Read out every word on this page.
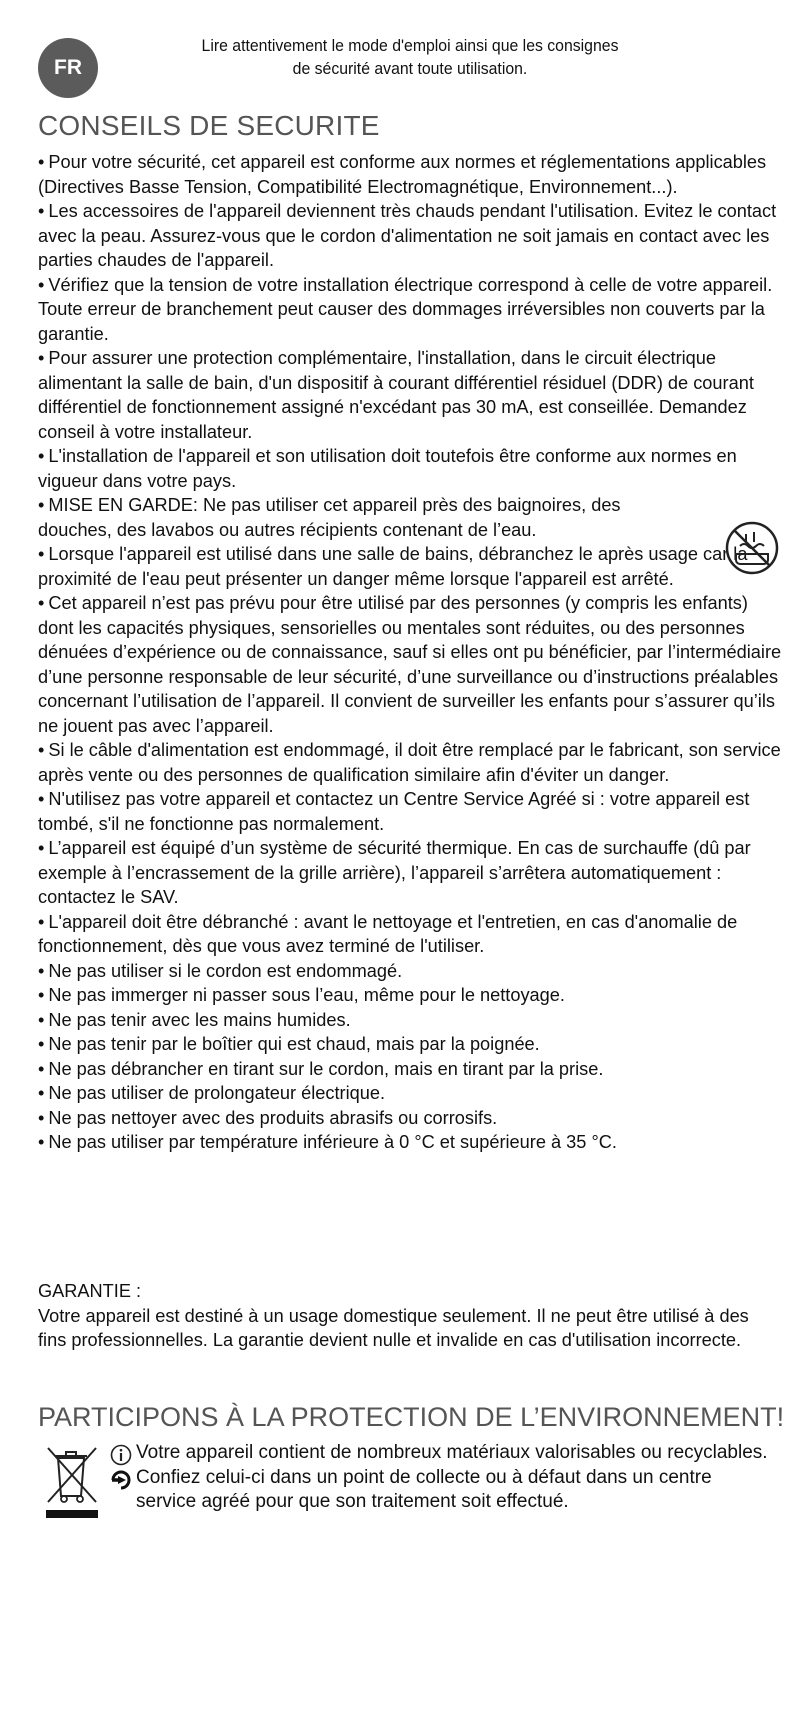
FR
Lire attentivement le mode d'emploi ainsi que les consignes
de sécurité avant toute utilisation.
CONSEILS DE SECURITE

• Pour votre sécurité, cet appareil est conforme aux normes et réglementations applicables (Directives Basse Tension, Compatibilité Electromagnétique, Environnement...).

• Les accessoires de l'appareil deviennent très chauds pendant l'utilisation. Evitez le contact avec la peau. Assurez-vous que le cordon d'alimentation ne soit jamais en contact avec les parties chaudes de l'appareil.

• Vérifiez que la tension de votre installation électrique correspond à celle de votre appareil. Toute erreur de branchement peut causer des dommages irréversibles non couverts par la garantie.

• Pour assurer une protection complémentaire, l'installation, dans le circuit électrique alimentant la salle de bain, d'un dispositif à courant différentiel résiduel (DDR) de courant différentiel de fonctionnement assigné n'excédant pas 30 mA, est conseillée. Demandez conseil à votre installateur.

• L'installation de l'appareil et son utilisation doit toutefois être conforme aux normes en vigueur dans votre pays.

• MISE EN GARDE: Ne pas utiliser cet appareil près des baignoires, des douches, des lavabos ou autres récipients contenant de l’eau.

• Lorsque l'appareil est utilisé dans une salle de bains, débranchez le après usage car la proximité de l'eau peut présenter un danger même lorsque l'appareil est arrêté.

• Cet appareil n’est pas prévu pour être utilisé par des personnes (y compris les enfants) dont les capacités physiques, sensorielles ou mentales sont réduites, ou des personnes dénuées d’expérience ou de connaissance, sauf si elles ont pu bénéficier, par l’intermédiaire d’une personne responsable de leur sécurité, d’une surveillance ou d’instructions préalables concernant l’utilisation de l’appareil. Il convient de surveiller les enfants pour s’assurer qu’ils ne jouent pas avec l’appareil.

• Si le câble d'alimentation est endommagé, il doit être remplacé par le fabricant, son service après vente ou des personnes de qualification similaire afin d'éviter un danger.

• N'utilisez pas votre appareil et contactez un Centre Service Agréé si : votre appareil est tombé, s'il ne fonctionne pas normalement.

• L’appareil est équipé d’un système de sécurité thermique. En cas de surchauffe (dû par exemple à l’encrassement de la grille arrière), l’appareil s’arrêtera automatiquement : contactez le SAV.

• L'appareil doit être débranché : avant le nettoyage et l'entretien, en cas d'anomalie de fonctionnement, dès que vous avez terminé de l'utiliser.

• Ne pas utiliser si le cordon est endommagé.

• Ne pas immerger ni passer sous l’eau, même pour le nettoyage.

• Ne pas tenir avec les mains humides.

• Ne pas tenir par le boîtier qui est chaud, mais par la poignée.

• Ne pas débrancher en tirant sur le cordon, mais en tirant par la prise.

• Ne pas utiliser de prolongateur électrique.

• Ne pas nettoyer avec des produits abrasifs ou corrosifs.

• Ne pas utiliser par température inférieure à 0 °C et supérieure à 35 °C.

GARANTIE :
Votre appareil est destiné à un usage domestique seulement. Il ne peut être utilisé à des fins professionnelles. La garantie devient nulle et invalide en cas d'utilisation incorrecte.
PARTICIPONS À LA PROTECTION DE L’ENVIRONNEMENT!
Votre appareil contient de nombreux matériaux valorisables ou recyclables.
Confiez celui-ci dans un point de collecte ou à défaut dans un centre service agréé pour que son traitement soit effectué.
